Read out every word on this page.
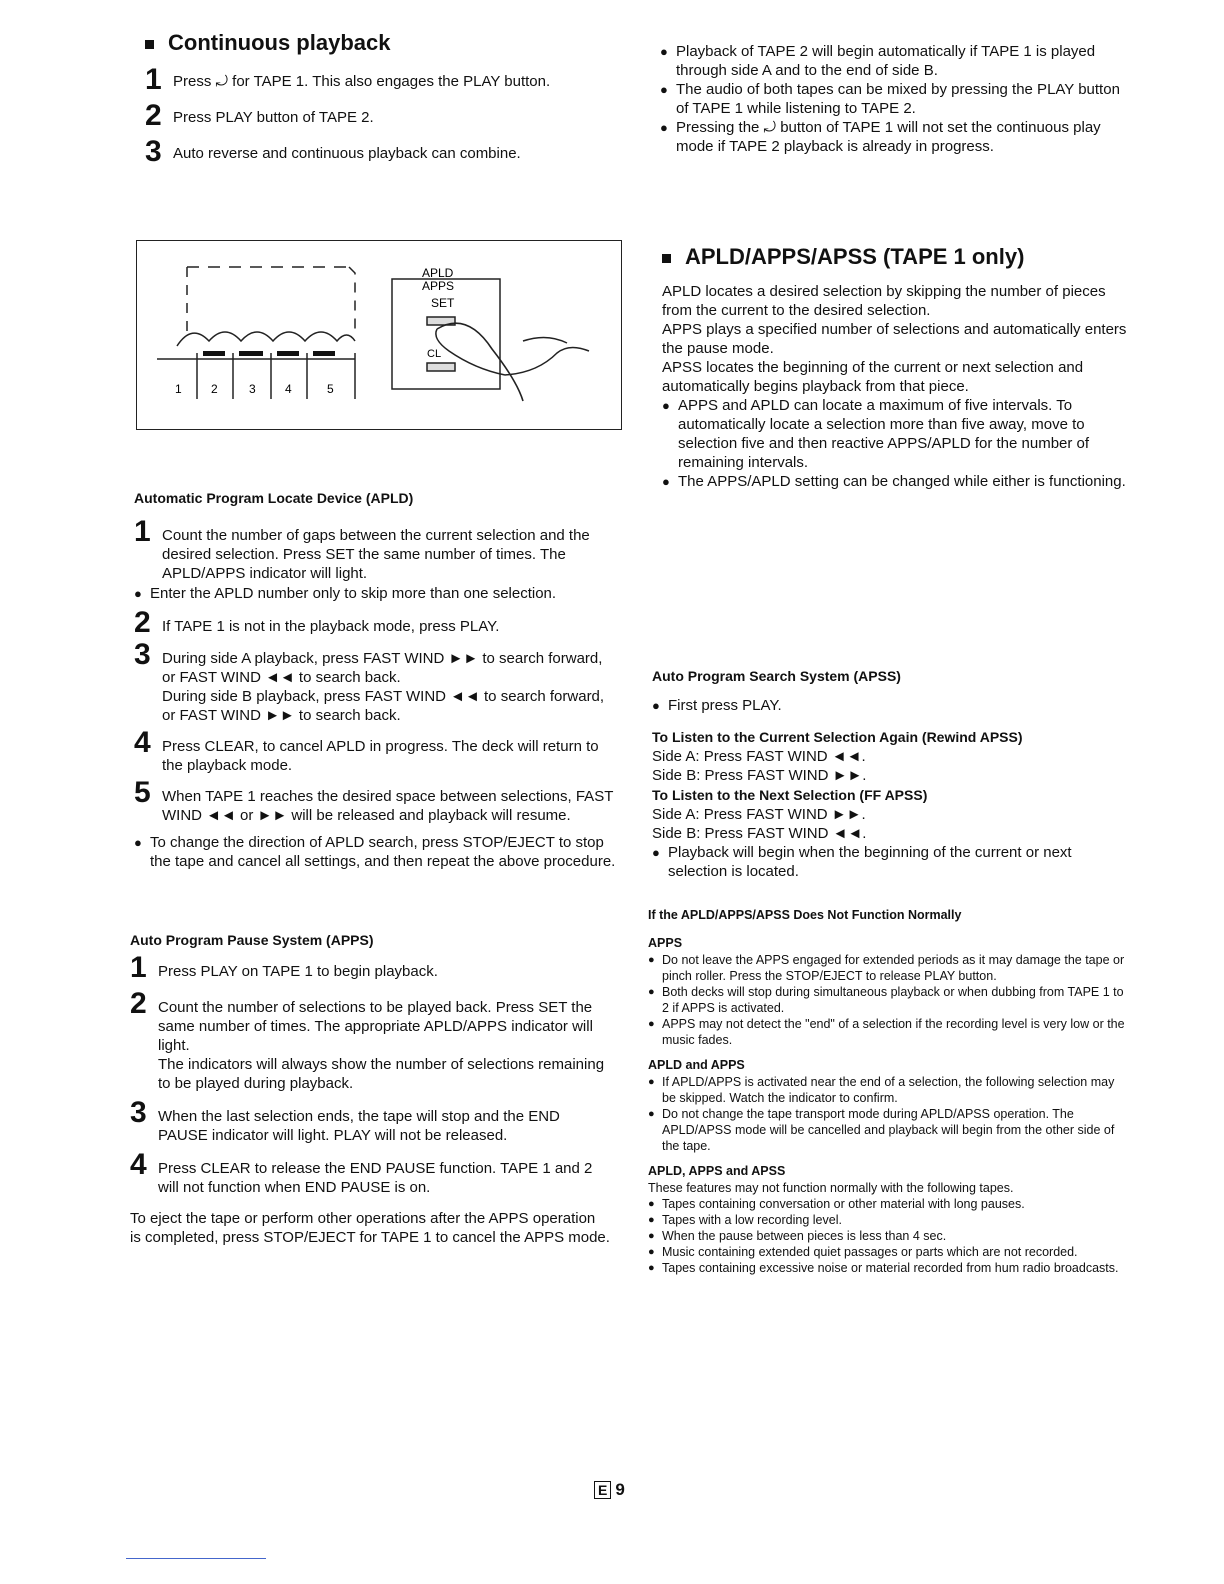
Continuous playback
1 Press ⤾ for TAPE 1. This also engages the PLAY button.
2 Press PLAY button of TAPE 2.
3 Auto reverse and continuous playback can combine.
APLD
APPS
SET
CL
1 2	3 4	5
Automatic Program Locate Device (APLD)
1 Count the number of gaps between the current selection and the desired selection. Press SET the same number of times. The APLD/APPS indicator will light.
● Enter the APLD number only to skip more than one selection.
2 If TAPE 1 is not in the playback mode, press PLAY.
3 During side A playback, press FAST WIND ►► to search forward, or FAST WIND ◄◄ to search back.
During side B playback, press FAST WIND ◄◄ to search forward, or FAST WIND ►► to search back.
4 Press CLEAR, to cancel APLD in progress. The deck will return to the playback mode.
5 When TAPE 1 reaches the desired space between selections, FAST WIND ◄◄ or ►► will be released and playback will resume.
● To change the direction of APLD search, press STOP/EJECT to stop the tape and cancel all settings, and then repeat the above procedure.
Auto Program Pause System (APPS)
1 Press PLAY on TAPE 1 to begin playback.
2 Count the number of selections to be played back. Press SET the same number of times. The appropriate APLD/APPS indicator will light.
The indicators will always show the number of selections remaining to be played during playback.
3 When the last selection ends, the tape will stop and the END PAUSE indicator will light. PLAY will not be released.
4 Press CLEAR to release the END PAUSE function. TAPE 1 and 2 will not function when END PAUSE is on.
To eject the tape or perform other operations after the APPS operation is completed, press STOP/EJECT for TAPE 1 to cancel the APPS mode.
● Playback of TAPE 2 will begin automatically if TAPE 1 is played through side A and to the end of side B.
● The audio of both tapes can be mixed by pressing the PLAY button of TAPE 1 while listening to TAPE 2.
● Pressing the ⤾ button of TAPE 1 will not set the continuous play mode if TAPE 2 playback is already in progress.
APLD/APPS/APSS (TAPE 1 only)
APLD locates a desired selection by skipping the number of pieces from the current to the desired selection.
APPS plays a specified number of selections and automatically enters the pause mode.
APSS locates the beginning of the current or next selection and automatically begins playback from that piece.
● APPS and APLD can locate a maximum of five intervals. To automatically locate a selection more than five away, move to selection five and then reactive APPS/APLD for the number of remaining intervals.
● The APPS/APLD setting can be changed while either is functioning.
Auto Program Search System (APSS)
● First press PLAY.
To Listen to the Current Selection Again (Rewind APSS)
Side A: Press FAST WIND ◄◄.
Side B: Press FAST WIND ►►.
To Listen to the Next Selection (FF APSS)
Side A: Press FAST WIND ►►.
Side B: Press FAST WIND ◄◄.
● Playback will begin when the beginning of the current or next selection is located.
If the APLD/APPS/APSS Does Not Function Normally
APPS
● Do not leave the APPS engaged for extended periods as it may damage the tape or pinch roller. Press the STOP/EJECT to release PLAY button.
● Both decks will stop during simultaneous playback or when dubbing from TAPE 1 to 2 if APPS is activated.
● APPS may not detect the "end" of a selection if the recording level is very low or the music fades.
APLD and APPS
● If APLD/APPS is activated near the end of a selection, the following selection may be skipped. Watch the indicator to confirm.
● Do not change the tape transport mode during APLD/APSS operation. The APLD/APSS mode will be cancelled and playback will begin from the other side of the tape.
APLD, APPS and APSS
These features may not function normally with the following tapes.
● Tapes containing conversation or other material with long pauses.
● Tapes with a low recording level.
● When the pause between pieces is less than 4 sec.
● Music containing extended quiet passages or parts which are not recorded.
● Tapes containing excessive noise or material recorded from hum radio broadcasts.
E 9
